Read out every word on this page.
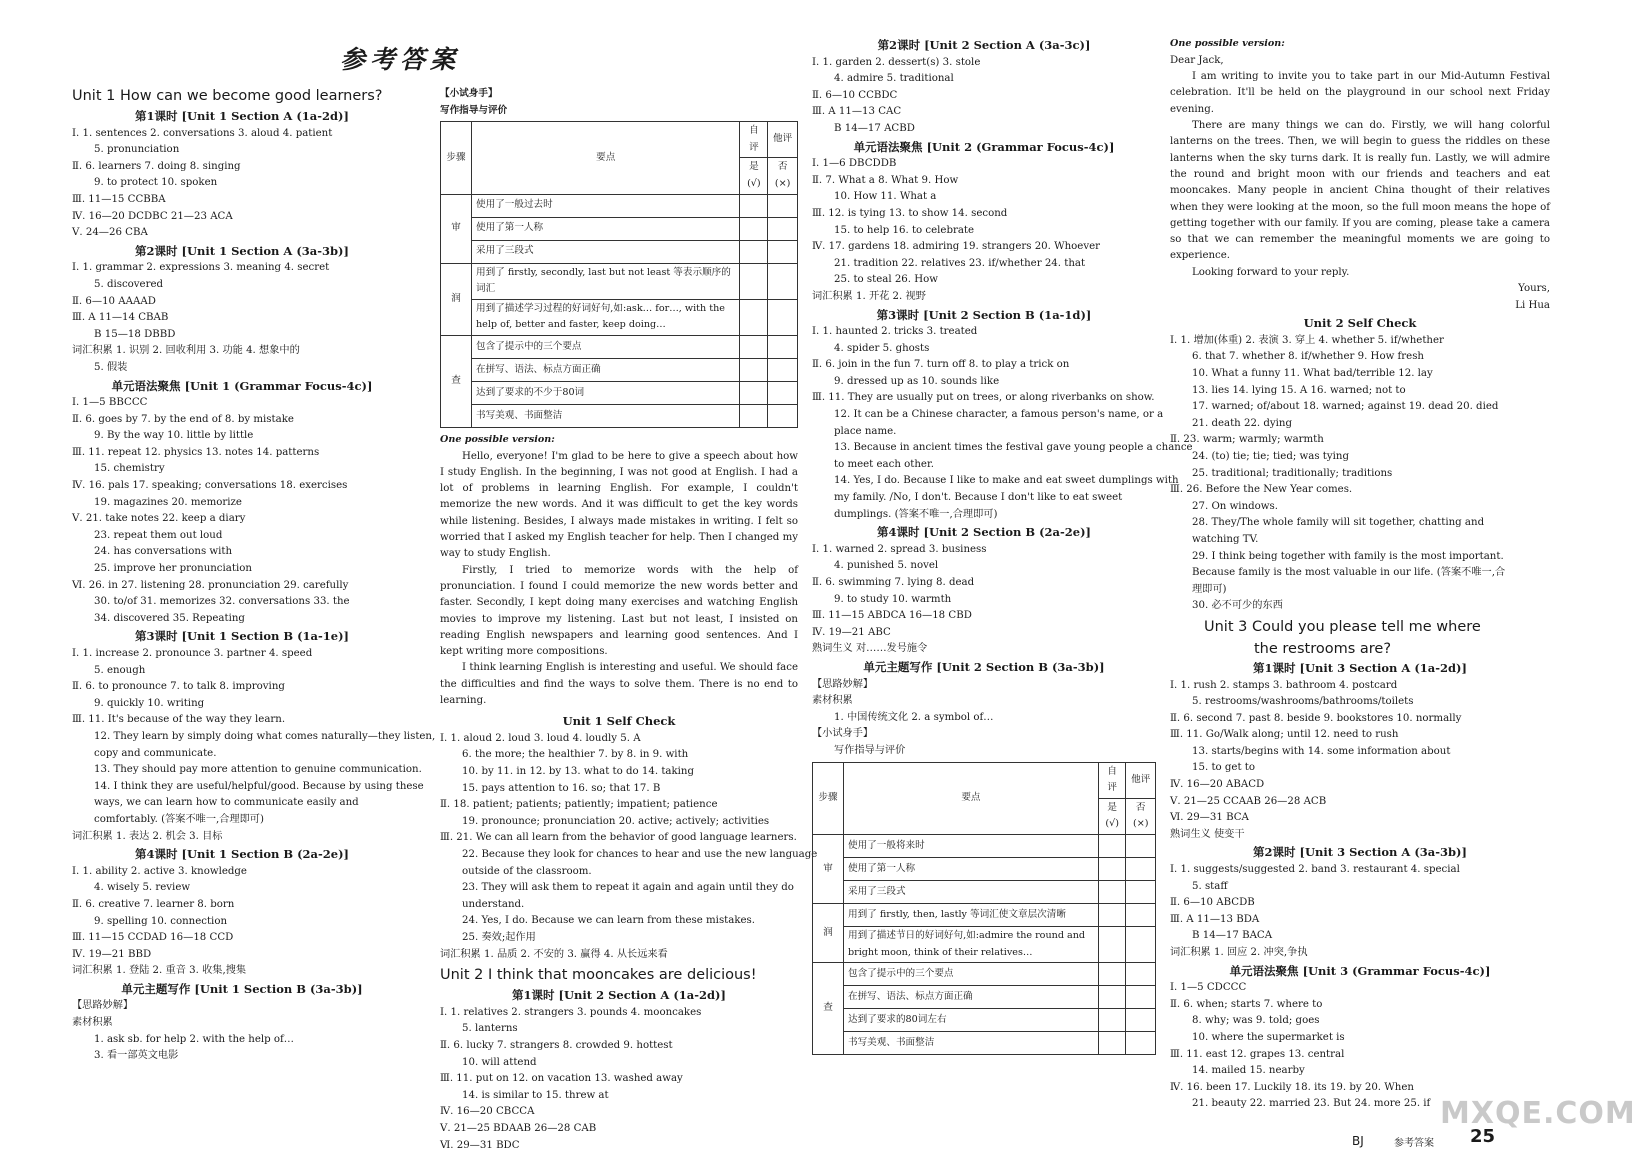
参考答案
Unit 1 How can we become good learners?
第1课时 [Unit 1 Section A (1a-2d)]
Ⅰ. 1. sentences 2. conversations 3. aloud 4. patient
5. pronunciation
Ⅱ. 6. learners 7. doing 8. singing
9. to protect 10. spoken
Ⅲ. 11—15 CCBBA
Ⅳ. 16—20 DCDBC 21—23 ACA
Ⅴ. 24—26 CBA
第2课时 [Unit 1 Section A (3a-3b)]
Ⅰ. 1. grammar 2. expressions 3. meaning 4. secret
5. discovered
Ⅱ. 6—10 AAAAD
Ⅲ. A 11—14 CBAB
B 15—18 DBBD
词汇积累 1. 识别 2. 回收利用 3. 功能 4. 想象中的
5. 假装
单元语法聚焦 [Unit 1 (Grammar Focus-4c)]
Ⅰ. 1—5 BBCCC
Ⅱ. 6. goes by 7. by the end of 8. by mistake
9. By the way 10. little by little
Ⅲ. 11. repeat 12. physics 13. notes 14. patterns
15. chemistry
Ⅳ. 16. pals 17. speaking; conversations 18. exercises
19. magazines 20. memorize
Ⅴ. 21. take notes 22. keep a diary
23. repeat them out loud
24. has conversations with
25. improve her pronunciation
Ⅵ. 26. in 27. listening 28. pronunciation 29. carefully
30. to/of 31. memorizes 32. conversations 33. the
34. discovered 35. Repeating
第3课时 [Unit 1 Section B (1a-1e)]
Ⅰ. 1. increase 2. pronounce 3. partner 4. speed
5. enough
Ⅱ. 6. to pronounce 7. to talk 8. improving
9. quickly 10. writing
Ⅲ. 11. It's because of the way they learn.
12. They learn by simply doing what comes naturally—they listen,
copy and communicate.
13. They should pay more attention to genuine communication.
14. I think they are useful/helpful/good. Because by using these
ways, we can learn how to communicate easily and
comfortably. (答案不唯一,合理即可)
词汇积累 1. 表达 2. 机会 3. 目标
第4课时 [Unit 1 Section B (2a-2e)]
Ⅰ. 1. ability 2. active 3. knowledge
4. wisely 5. review
Ⅱ. 6. creative 7. learner 8. born
9. spelling 10. connection
Ⅲ. 11—15 CCDAD 16—18 CCD
Ⅳ. 19—21 BBD
词汇积累 1. 登陆 2. 重音 3. 收集,搜集
单元主题写作 [Unit 1 Section B (3a-3b)]
【思路妙解】
素材积累
1. ask sb. for help 2. with the help of…
3. 看一部英文电影
【小试身手】
写作指导与评价
步骤	要点	自评	他评
		是(√)	否(×)
审	使用了一般过去时		
	使用了第一人称		
	采用了三段式		
润	用到了 firstly, secondly, last but not least 等表示顺序的词汇		
	用到了描述学习过程的好词好句,如:ask… for…, with the help of, better and faster, keep doing…		
查	包含了提示中的三个要点		
	在拼写、语法、标点方面正确		
	达到了要求的不少于80词		
	书写美观、书面整洁		
One possible version:
Hello, everyone! I'm glad to be here to give a speech about how I study English. In the beginning, I was not good at English. I had a lot of problems in learning English. For example, I couldn't memorize the new words. And it was difficult to get the key words while listening. Besides, I always made mistakes in writing. I felt so worried that I asked my English teacher for help. Then I changed my way to study English.
Firstly, I tried to memorize words with the help of pronunciation. I found I could memorize the new words better and faster. Secondly, I kept doing many exercises and watching English movies to improve my listening. Last but not least, I insisted on reading English newspapers and learning good sentences. And I kept writing more compositions.
I think learning English is interesting and useful. We should face the difficulties and find the ways to solve them. There is no end to learning.
Unit 1 Self Check
Ⅰ. 1. aloud 2. loud 3. loud 4. loudly 5. A
6. the more; the healthier 7. by 8. in 9. with
10. by 11. in 12. by 13. what to do 14. taking
15. pays attention to 16. so; that 17. B
Ⅱ. 18. patient; patients; patiently; impatient; patience
19. pronounce; pronunciation 20. active; actively; activities
Ⅲ. 21. We can all learn from the behavior of good language learners.
22. Because they look for chances to hear and use the new language
outside of the classroom.
23. They will ask them to repeat it again and again until they do
understand.
24. Yes, I do. Because we can learn from these mistakes.
25. 奏效;起作用
词汇积累 1. 品质 2. 不安的 3. 赢得 4. 从长远来看
Unit 2 I think that mooncakes are delicious!
第1课时 [Unit 2 Section A (1a-2d)]
Ⅰ. 1. relatives 2. strangers 3. pounds 4. mooncakes
5. lanterns
Ⅱ. 6. lucky 7. strangers 8. crowded 9. hottest
10. will attend
Ⅲ. 11. put on 12. on vacation 13. washed away
14. is similar to 15. threw at
Ⅳ. 16—20 CBCCA
Ⅴ. 21—25 BDAAB 26—28 CAB
Ⅵ. 29—31 BDC
第2课时 [Unit 2 Section A (3a-3c)]
Ⅰ. 1. garden 2. dessert(s) 3. stole
4. admire 5. traditional
Ⅱ. 6—10 CCBDC
Ⅲ. A 11—13 CAC
B 14—17 ACBD
单元语法聚焦 [Unit 2 (Grammar Focus-4c)]
Ⅰ. 1—6 DBCDDB
Ⅱ. 7. What a 8. What 9. How
10. How 11. What a
Ⅲ. 12. is tying 13. to show 14. second
15. to help 16. to celebrate
Ⅳ. 17. gardens 18. admiring 19. strangers 20. Whoever
21. tradition 22. relatives 23. if/whether 24. that
25. to steal 26. How
词汇积累 1. 开花 2. 视野
第3课时 [Unit 2 Section B (1a-1d)]
Ⅰ. 1. haunted 2. tricks 3. treated
4. spider 5. ghosts
Ⅱ. 6. join in the fun 7. turn off 8. to play a trick on
9. dressed up as 10. sounds like
Ⅲ. 11. They are usually put on trees, or along riverbanks on show.
12. It can be a Chinese character, a famous person's name, or a
place name.
13. Because in ancient times the festival gave young people a chance
to meet each other.
14. Yes, I do. Because I like to make and eat sweet dumplings with
my family. /No, I don't. Because I don't like to eat sweet
dumplings. (答案不唯一,合理即可)
第4课时 [Unit 2 Section B (2a-2e)]
Ⅰ. 1. warned 2. spread 3. business
4. punished 5. novel
Ⅱ. 6. swimming 7. lying 8. dead
9. to study 10. warmth
Ⅲ. 11—15 ABDCA 16—18 CBD
Ⅳ. 19—21 ABC
熟词生义 对……发号施令
单元主题写作 [Unit 2 Section B (3a-3b)]
【思路妙解】
素材积累
1. 中国传统文化 2. a symbol of…
【小试身手】
写作指导与评价
步骤	要点	自评	他评
		是(√)	否(×)
审	使用了一般将来时		
	使用了第一人称		
	采用了三段式		
润	用到了 firstly, then, lastly 等词汇使文章层次清晰		
	用到了描述节日的好词好句,如:admire the round and bright moon, think of their relatives…		
查	包含了提示中的三个要点		
	在拼写、语法、标点方面正确		
	达到了要求的80词左右		
	书写美观、书面整洁		
One possible version:
Dear Jack,
I am writing to invite you to take part in our Mid-Autumn Festival celebration. It'll be held on the playground in our school next Friday evening.
There are many things we can do. Firstly, we will hang colorful lanterns on the trees. Then, we will begin to guess the riddles on these lanterns when the sky turns dark. It is really fun. Lastly, we will admire the round and bright moon with our friends and teachers and eat mooncakes. Many people in ancient China thought of their relatives when they were looking at the moon, so the full moon means the hope of getting together with our family. If you are coming, please take a camera so that we can remember the meaningful moments we are going to experience.
Looking forward to your reply.
Yours,
Li Hua
Unit 2 Self Check
Ⅰ. 1. 增加(体重) 2. 表演 3. 穿上 4. whether 5. if/whether
6. that 7. whether 8. if/whether 9. How fresh
10. What a funny 11. What bad/terrible 12. lay
13. lies 14. lying 15. A 16. warned; not to
17. warned; of/about 18. warned; against 19. dead 20. died
21. death 22. dying
Ⅱ. 23. warm; warmly; warmth
24. (to) tie; tie; tied; was tying
25. traditional; traditionally; traditions
Ⅲ. 26. Before the New Year comes.
27. On windows.
28. They/The whole family will sit together, chatting and
watching TV.
29. I think being together with family is the most important.
Because family is the most valuable in our life. (答案不唯一,合
理即可)
30. 必不可少的东西
Unit 3 Could you please tell me where
the restrooms are?
第1课时 [Unit 3 Section A (1a-2d)]
Ⅰ. 1. rush 2. stamps 3. bathroom 4. postcard
5. restrooms/washrooms/bathrooms/toilets
Ⅱ. 6. second 7. past 8. beside 9. bookstores 10. normally
Ⅲ. 11. Go/Walk along; until 12. need to rush
13. starts/begins with 14. some information about
15. to get to
Ⅳ. 16—20 ABACD
Ⅴ. 21—25 CCAAB 26—28 ACB
Ⅵ. 29—31 BCA
熟词生义 使变干
第2课时 [Unit 3 Section A (3a-3b)]
Ⅰ. 1. suggests/suggested 2. band 3. restaurant 4. special
5. staff
Ⅱ. 6—10 ABCDB
Ⅲ. A 11—13 BDA
B 14—17 BACA
词汇积累 1. 回应 2. 冲突,争执
单元语法聚焦 [Unit 3 (Grammar Focus-4c)]
Ⅰ. 1—5 CDCCC
Ⅱ. 6. when; starts 7. where to
8. why; was 9. told; goes
10. where the supermarket is
Ⅲ. 11. east 12. grapes 13. central
14. mailed 15. nearby
Ⅳ. 16. been 17. Luckily 18. its 19. by 20. When
21. beauty 22. married 23. But 24. more 25. if
BJ	参考答案 25
MXQE.COM
